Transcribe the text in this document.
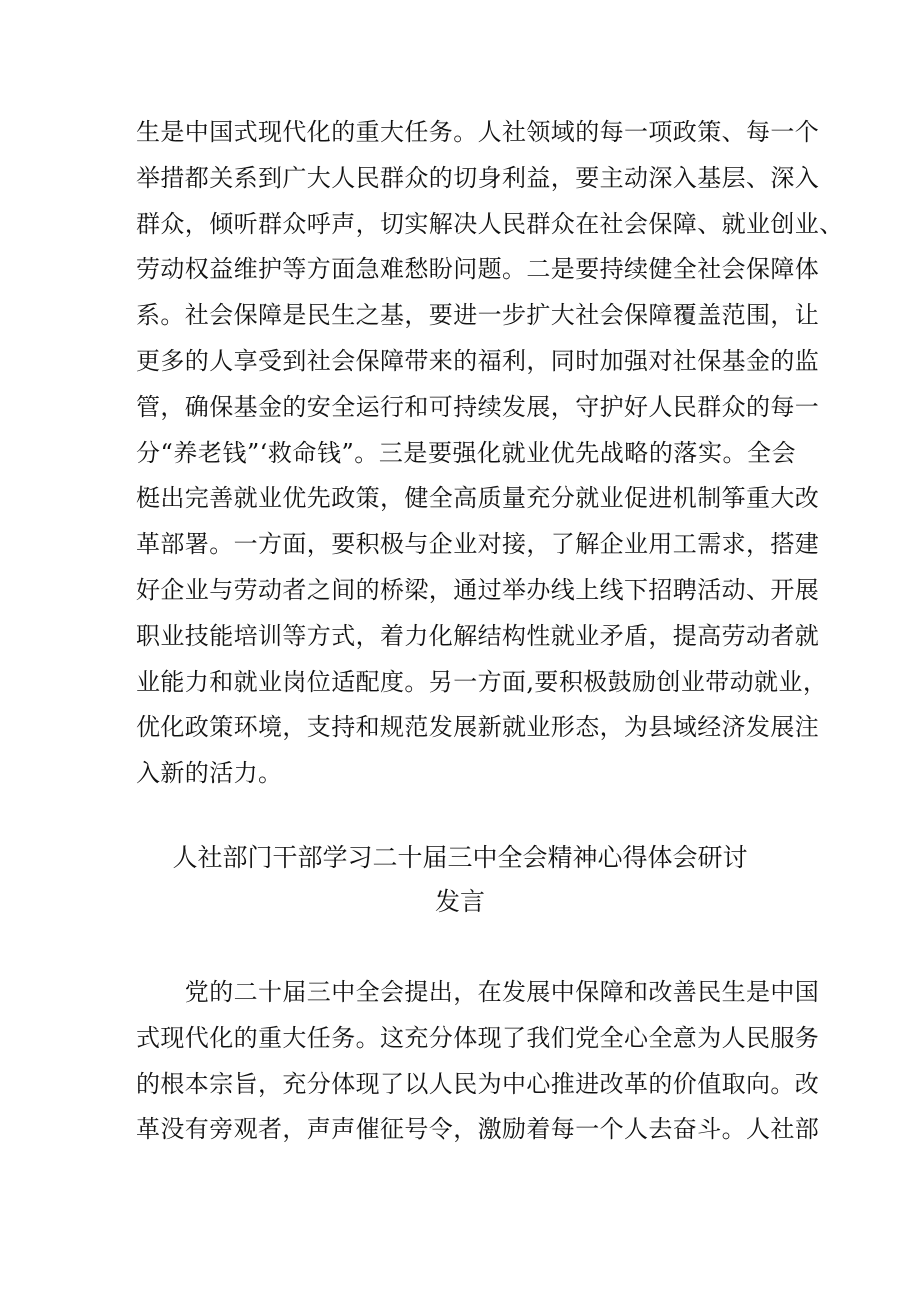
生是中国式现代化的重大任务。人社领域的每一项政策、每一个
举措都关系到广大人民群众的切身利益，要主动深入基层、深入
群众，倾听群众呼声，切实解决人民群众在社会保障、就业创业、
劳动权益维护等方面急难愁盼问题。二是要持续健全社会保障体
系。社会保障是民生之基，要进一步扩大社会保障覆盖范围，让
更多的人享受到社会保障带来的福利，同时加强对社保基金的监
管，确保基金的安全运行和可持续发展，守护好人民群众的每一
分“养老钱”‘救命钱”。三是要强化就业优先战略的落实。全会
梃出完善就业优先政策，健全高质量充分就业促进机制筝重大改
革部署。一方面，要积极与企业对接，了解企业用工需求，搭建
好企业与劳动者之间的桥梁，通过举办线上线下招聘活动、开展
职业技能培训等方式，着力化解结构性就业矛盾，提高劳动者就
业能力和就业岗位适配度。另一方面,要积极鼓励创业带动就业，
优化政策环境，支持和规范发展新就业形态，为县域经济发展注
入新的活力。
人社部门干部学习二十届三中全会精神心得体会研讨
发言
　　党的二十届三中全会提出，在发展中保障和改善民生是中国
式现代化的重大任务。这充分体现了我们党全心全意为人民服务
的根本宗旨，充分体现了以人民为中心推进改革的价值取向。改
革没有旁观者，声声催征号令，激励着每一个人去奋斗。人社部
